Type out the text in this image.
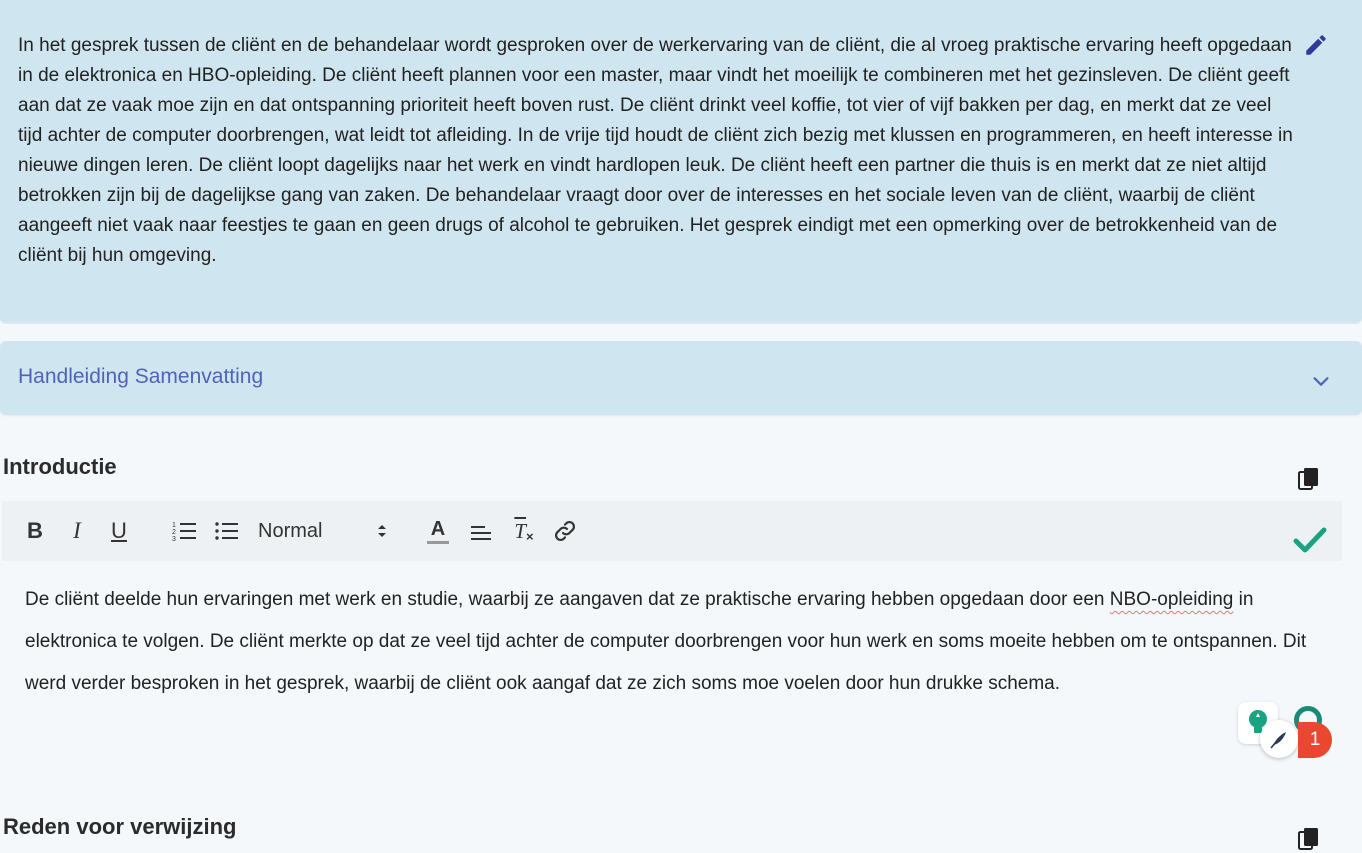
In het gesprek tussen de cliënt en de behandelaar wordt gesproken over de werkervaring van de cliënt, die al vroeg praktische ervaring heeft opgedaan in de elektronica en HBO-opleiding. De cliënt heeft plannen voor een master, maar vindt het moeilijk te combineren met het gezinsleven. De cliënt geeft aan dat ze vaak moe zijn en dat ontspanning prioriteit heeft boven rust. De cliënt drinkt veel koffie, tot vier of vijf bakken per dag, en merkt dat ze veel tijd achter de computer doorbrengen, wat leidt tot afleiding. In de vrije tijd houdt de cliënt zich bezig met klussen en programmeren, en heeft interesse in nieuwe dingen leren. De cliënt loopt dagelijks naar het werk en vindt hardlopen leuk. De cliënt heeft een partner die thuis is en merkt dat ze niet altijd betrokken zijn bij de dagelijkse gang van zaken. De behandelaar vraagt door over de interesses en het sociale leven van de cliënt, waarbij de cliënt aangeeft niet vaak naar feestjes te gaan en geen drugs of alcohol te gebruiken. Het gesprek eindigt met een opmerking over de betrokkenheid van de cliënt bij hun omgeving.

Handleiding Samenvatting
Introductie
B	I	U	1
2
3	Normal	A	$\overline{T}$ ×

De cliënt deelde hun ervaringen met werk en studie, waarbij ze aangaven dat ze praktische ervaring hebben opgedaan door een NBO-opleiding in elektronica te volgen. De cliënt merkte op dat ze veel tijd achter de computer doorbrengen voor hun werk en soms moeite hebben om te ontspannen. Dit werd verder besproken in het gesprek, waarbij de cliënt ook aangaf dat ze zich soms moe voelen door hun drukke schema.

1
Reden voor verwijzing
